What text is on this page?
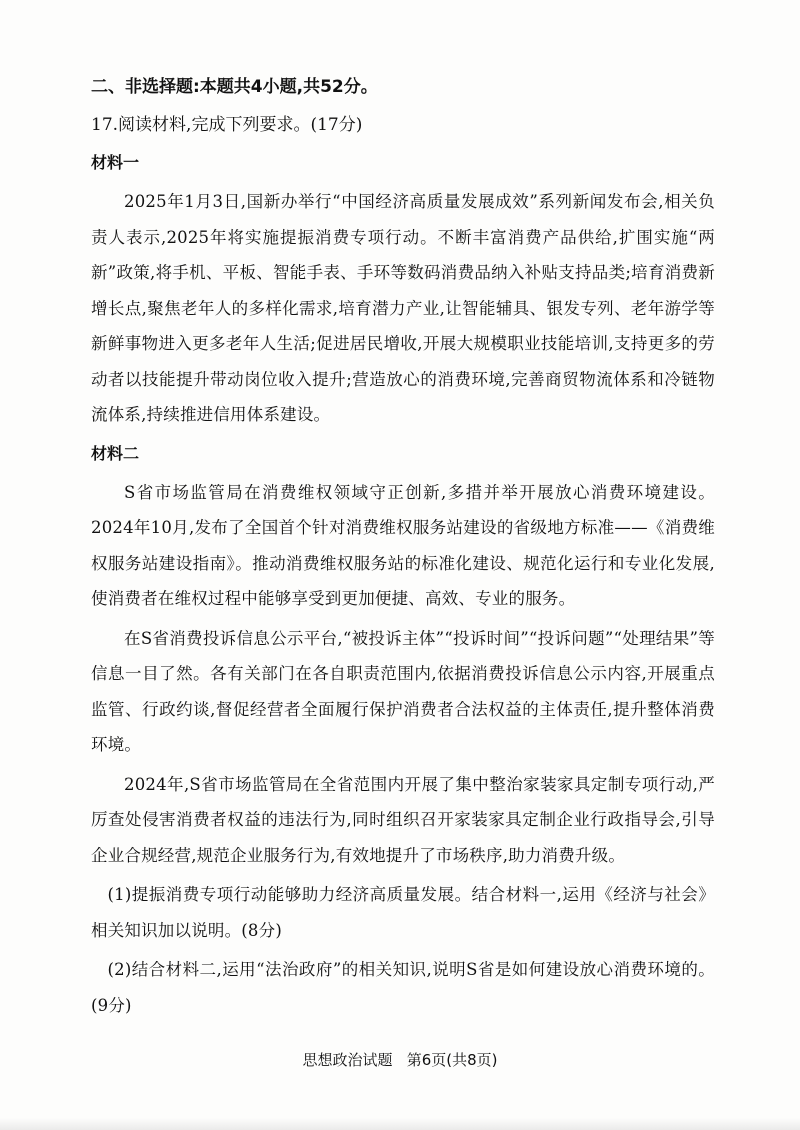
二、非选择题:本题共4小题,共52分。
17.阅读材料,完成下列要求。(17分)
材料一

2025年1月3日,国新办举行“中国经济高质量发展成效”系列新闻发布会,相关负责人表示,2025年将实施提振消费专项行动。不断丰富消费产品供给,扩围实施“两新”政策,将手机、平板、智能手表、手环等数码消费品纳入补贴支持品类;培育消费新增长点,聚焦老年人的多样化需求,培育潜力产业,让智能辅具、银发专列、老年游学等新鲜事物进入更多老年人生活;促进居民增收,开展大规模职业技能培训,支持更多的劳动者以技能提升带动岗位收入提升;营造放心的消费环境,完善商贸物流体系和冷链物流体系,持续推进信用体系建设。

材料二

S省市场监管局在消费维权领域守正创新,多措并举开展放心消费环境建设。2024年10月,发布了全国首个针对消费维权服务站建设的省级地方标准——《消费维权服务站建设指南》。推动消费维权服务站的标准化建设、规范化运行和专业化发展,使消费者在维权过程中能够享受到更加便捷、高效、专业的服务。

在S省消费投诉信息公示平台,“被投诉主体”“投诉时间”“投诉问题”“处理结果”等信息一目了然。各有关部门在各自职责范围内,依据消费投诉信息公示内容,开展重点监管、行政约谈,督促经营者全面履行保护消费者合法权益的主体责任,提升整体消费环境。

2024年,S省市场监管局在全省范围内开展了集中整治家装家具定制专项行动,严厉查处侵害消费者权益的违法行为,同时组织召开家装家具定制企业行政指导会,引导企业合规经营,规范企业服务行为,有效地提升了市场秩序,助力消费升级。

(1)提振消费专项行动能够助力经济高质量发展。结合材料一,运用《经济与社会》相关知识加以说明。(8分)

(2)结合材料二,运用“法治政府”的相关知识,说明S省是如何建设放心消费环境的。(9分)

思想政治试题   第6页(共8页)
